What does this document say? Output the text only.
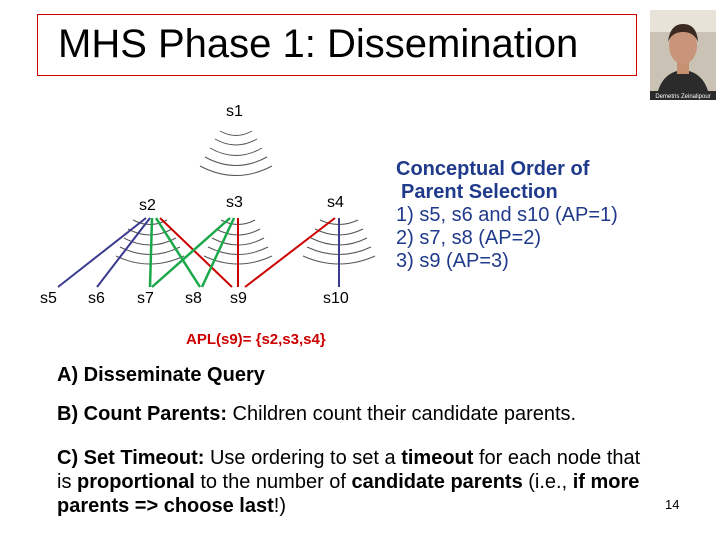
MHS Phase 1: Dissemination
Demetris Zeinalipour
s1
s2	s3	s4
s5 s6 s7 s8 s9	s10
Conceptual Order of
Parent Selection
1) s5, s6 and s10 (AP=1)
2) s7, s8 (AP=2)
3) s9 (AP=3)
APL(s9)= {s2,s3,s4}
A) Disseminate Query
B) Count Parents: Children count their candidate parents.
C) Set Timeout: Use ordering to set a timeout for each node that is proportional to the number of candidate parents (i.e., if more parents => choose last!)	14
